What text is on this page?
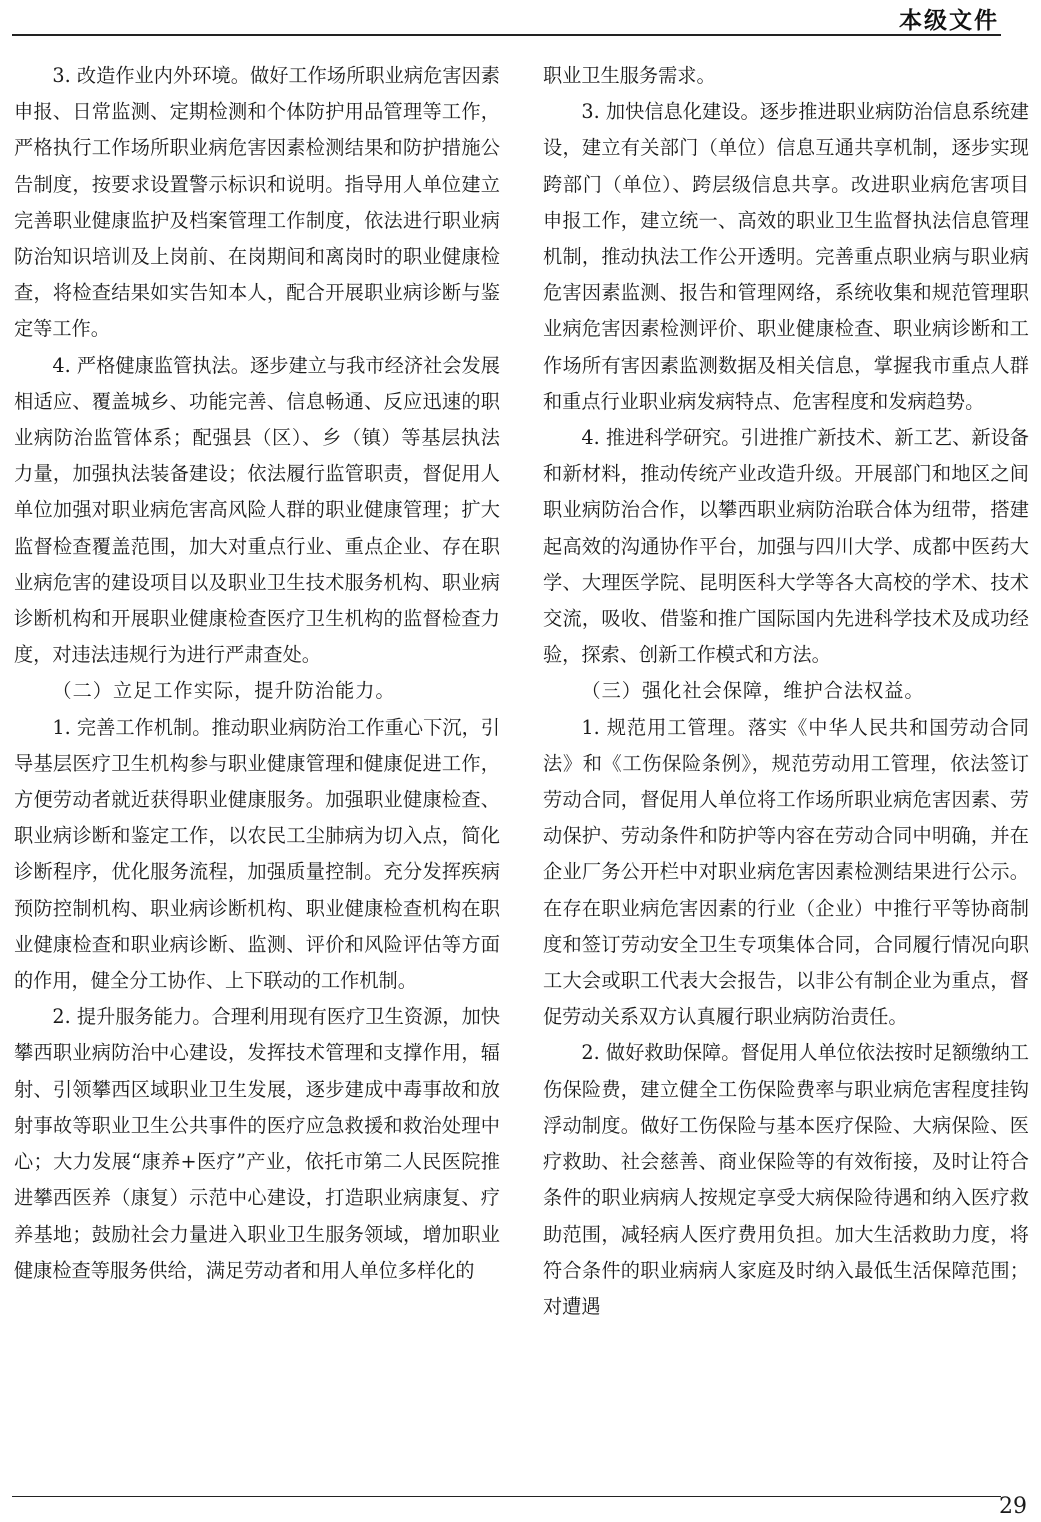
本级文件

3. 改造作业内外环境。做好工作场所职业病危害因素申报、日常监测、定期检测和个体防护用品管理等工作，严格执行工作场所职业病危害因素检测结果和防护措施公告制度，按要求设置警示标识和说明。指导用人单位建立完善职业健康监护及档案管理工作制度，依法进行职业病防治知识培训及上岗前、在岗期间和离岗时的职业健康检查，将检查结果如实告知本人，配合开展职业病诊断与鉴定等工作。

4. 严格健康监管执法。逐步建立与我市经济社会发展相适应、覆盖城乡、功能完善、信息畅通、反应迅速的职业病防治监管体系；配强县（区）、乡（镇）等基层执法力量，加强执法装备建设；依法履行监管职责，督促用人单位加强对职业病危害高风险人群的职业健康管理；扩大监督检查覆盖范围，加大对重点行业、重点企业、存在职业病危害的建设项目以及职业卫生技术服务机构、职业病诊断机构和开展职业健康检查医疗卫生机构的监督检查力度，对违法违规行为进行严肃查处。

（二）立足工作实际，提升防治能力。

1. 完善工作机制。推动职业病防治工作重心下沉，引导基层医疗卫生机构参与职业健康管理和健康促进工作，方便劳动者就近获得职业健康服务。加强职业健康检查、职业病诊断和鉴定工作，以农民工尘肺病为切入点，简化诊断程序，优化服务流程，加强质量控制。充分发挥疾病预防控制机构、职业病诊断机构、职业健康检查机构在职业健康检查和职业病诊断、监测、评价和风险评估等方面的作用，健全分工协作、上下联动的工作机制。

2. 提升服务能力。合理利用现有医疗卫生资源，加快攀西职业病防治中心建设，发挥技术管理和支撑作用，辐射、引领攀西区域职业卫生发展，逐步建成中毒事故和放射事故等职业卫生公共事件的医疗应急救援和救治处理中心；大力发展“康养+医疗”产业，依托市第二人民医院推进攀西医养（康复）示范中心建设，打造职业病康复、疗养基地；鼓励社会力量进入职业卫生服务领域，增加职业健康检查等服务供给，满足劳动者和用人单位多样化的

职业卫生服务需求。

3. 加快信息化建设。逐步推进职业病防治信息系统建设，建立有关部门（单位）信息互通共享机制，逐步实现跨部门（单位）、跨层级信息共享。改进职业病危害项目申报工作，建立统一、高效的职业卫生监督执法信息管理机制，推动执法工作公开透明。完善重点职业病与职业病危害因素监测、报告和管理网络，系统收集和规范管理职业病危害因素检测评价、职业健康检查、职业病诊断和工作场所有害因素监测数据及相关信息，掌握我市重点人群和重点行业职业病发病特点、危害程度和发病趋势。

4. 推进科学研究。引进推广新技术、新工艺、新设备和新材料，推动传统产业改造升级。开展部门和地区之间职业病防治合作，以攀西职业病防治联合体为纽带，搭建起高效的沟通协作平台，加强与四川大学、成都中医药大学、大理医学院、昆明医科大学等各大高校的学术、技术交流，吸收、借鉴和推广国际国内先进科学技术及成功经验，探索、创新工作模式和方法。

（三）强化社会保障，维护合法权益。

1. 规范用工管理。落实《中华人民共和国劳动合同法》和《工伤保险条例》，规范劳动用工管理，依法签订劳动合同，督促用人单位将工作场所职业病危害因素、劳动保护、劳动条件和防护等内容在劳动合同中明确，并在企业厂务公开栏中对职业病危害因素检测结果进行公示。在存在职业病危害因素的行业（企业）中推行平等协商制度和签订劳动安全卫生专项集体合同，合同履行情况向职工大会或职工代表大会报告，以非公有制企业为重点，督促劳动关系双方认真履行职业病防治责任。

2. 做好救助保障。督促用人单位依法按时足额缴纳工伤保险费，建立健全工伤保险费率与职业病危害程度挂钩浮动制度。做好工伤保险与基本医疗保险、大病保险、医疗救助、社会慈善、商业保险等的有效衔接，及时让符合条件的职业病病人按规定享受大病保险待遇和纳入医疗救助范围，减轻病人医疗费用负担。加大生活救助力度，将符合条件的职业病病人家庭及时纳入最低生活保障范围；对遭遇

29
